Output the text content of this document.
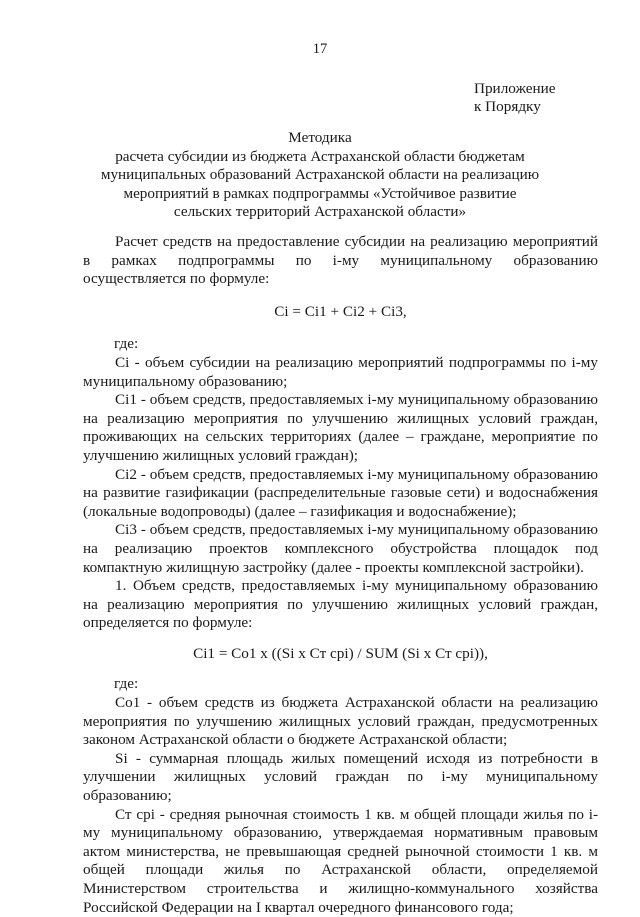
17
Приложение
к Порядку
Методика
расчета субсидии из бюджета Астраханской области бюджетам
муниципальных образований Астраханской области на реализацию
мероприятий в рамках подпрограммы «Устойчивое развитие
сельских территорий Астраханской области»

Расчет средств на предоставление субсидии на реализацию мероприятий в рамках подпрограммы по i-му муниципальному образованию осуществляется по формуле:

Ci = Ci1 + Ci2 + Ci3,

где:

Ci - объем субсидии на реализацию мероприятий подпрограммы по i-му муниципальному образованию;

Ci1 - объем средств, предоставляемых i-му муниципальному образованию на реализацию мероприятия по улучшению жилищных условий граждан, проживающих на сельских территориях (далее – граждане, мероприятие по улучшению жилищных условий граждан);

Ci2 - объем средств, предоставляемых i-му муниципальному образованию на развитие газификации (распределительные газовые сети) и водоснабжения (локальные водопроводы) (далее – газификация и водоснабжение);

Ci3 - объем средств, предоставляемых i-му муниципальному образованию на реализацию проектов комплексного обустройства площадок под компактную жилищную застройку (далее - проекты комплексной застройки).

1. Объем средств, предоставляемых i-му муниципальному образованию на реализацию мероприятия по улучшению жилищных условий граждан, определяется по формуле:

Ci1 = Co1 x ((Si x Ст срi) / SUM (Si x Ст срi)),

где:

Co1 - объем средств из бюджета Астраханской области на реализацию мероприятия по улучшению жилищных условий граждан, предусмотренных законом Астраханской области о бюджете Астраханской области;

Si - суммарная площадь жилых помещений исходя из потребности в улучшении жилищных условий граждан по i-му муниципальному образованию;

Ст срi - средняя рыночная стоимость 1 кв. м общей площади жилья по i-му муниципальному образованию, утверждаемая нормативным правовым актом министерства, не превышающая средней рыночной стоимости 1 кв. м общей площади жилья по Астраханской области, определяемой Министерством строительства и жилищно-коммунального хозяйства Российской Федерации на I квартал очередного финансового года;
